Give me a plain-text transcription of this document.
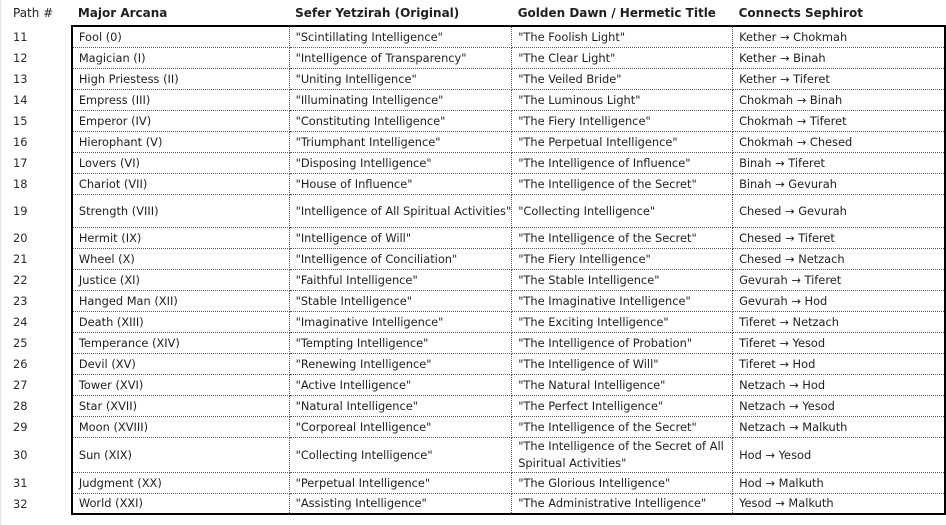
Path #	Major Arcana	Sefer Yetzirah (Original)	Golden Dawn / Hermetic Title	Connects Sephirot
11	Fool (0)	"Scintillating Intelligence"	"The Foolish Light"	Kether → Chokmah
12	Magician (I)	"Intelligence of Transparency"	"The Clear Light"	Kether → Binah
13	High Priestess (II)	"Uniting Intelligence"	"The Veiled Bride"	Kether → Tiferet
14	Empress (III)	"Illuminating Intelligence"	"The Luminous Light"	Chokmah → Binah
15	Emperor (IV)	"Constituting Intelligence"	"The Fiery Intelligence"	Chokmah → Tiferet
16	Hierophant (V)	"Triumphant Intelligence"	"The Perpetual Intelligence"	Chokmah → Chesed
17	Lovers (VI)	"Disposing Intelligence"	"The Intelligence of Influence"	Binah → Tiferet
18	Chariot (VII)	"House of Influence"	"The Intelligence of the Secret"	Binah → Gevurah
19	Strength (VIII)	"Intelligence of All Spiritual Activities"	"Collecting Intelligence"	Chesed → Gevurah
20	Hermit (IX)	"Intelligence of Will"	"The Intelligence of the Secret"	Chesed → Tiferet
21	Wheel (X)	"Intelligence of Conciliation"	"The Fiery Intelligence"	Chesed → Netzach
22	Justice (XI)	"Faithful Intelligence"	"The Stable Intelligence"	Gevurah → Tiferet
23	Hanged Man (XII)	"Stable Intelligence"	"The Imaginative Intelligence"	Gevurah → Hod
24	Death (XIII)	"Imaginative Intelligence"	"The Exciting Intelligence"	Tiferet → Netzach
25	Temperance (XIV)	"Tempting Intelligence"	"The Intelligence of Probation"	Tiferet → Yesod
26	Devil (XV)	"Renewing Intelligence"	"The Intelligence of Will"	Tiferet → Hod
27	Tower (XVI)	"Active Intelligence"	"The Natural Intelligence"	Netzach → Hod
28	Star (XVII)	"Natural Intelligence"	"The Perfect Intelligence"	Netzach → Yesod
29	Moon (XVIII)	"Corporeal Intelligence"	"The Intelligence of the Secret"	Netzach → Malkuth
30	Sun (XIX)	"Collecting Intelligence"	"The Intelligence of the Secret of All Spiritual Activities"	Hod → Yesod
31	Judgment (XX)	"Perpetual Intelligence"	"The Glorious Intelligence"	Hod → Malkuth
32	World (XXI)	"Assisting Intelligence"	"The Administrative Intelligence"	Yesod → Malkuth
